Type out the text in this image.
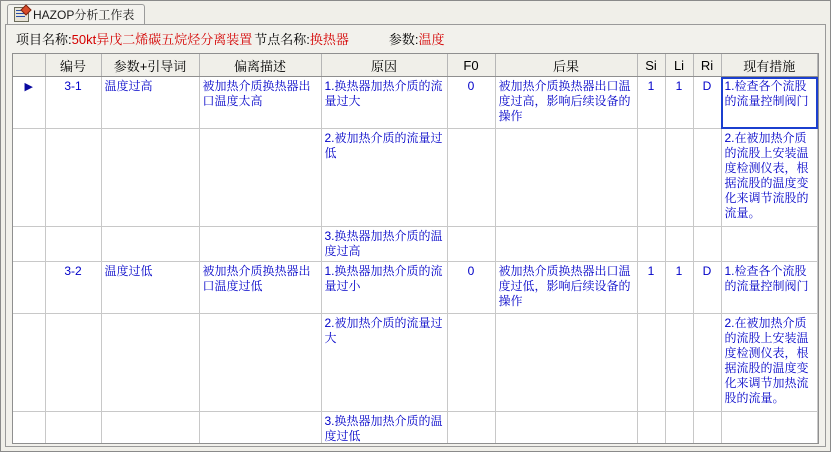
HAZOP分析工作表
项目名称: 50kt异戊二烯碳五烷烃分离装置 节点名称: 换热器	参数: 温度
	编号	参数+引导词	偏离描述	原因	F0	后果	Si	Li	Ri	现有措施
▶	3-1	温度过高	被加热介质换热器出口温度太高	1.换热器加热介质的流量过大	0	被加热介质换热器出口温度过高，影响后续设备的操作	1	1	D	1.检查各个流股的流量控制阀门
				2.被加热介质的流量过低						2.在被加热介质的流股上安装温度检测仪表，根据流股的温度变化来调节流股的流量。
				3.换热器加热介质的温度过高						
	3-2	温度过低	被加热介质换热器出口温度过低	1.换热器加热介质的流量过小	0	被加热介质换热器出口温度过低，影响后续设备的操作	1	1	D	1.检查各个流股的流量控制阀门
				2.被加热介质的流量过大						2.在被加热介质的流股上安装温度检测仪表，根据流股的温度变化来调节加热流股的流量。
				3.换热器加热介质的温度过低						
